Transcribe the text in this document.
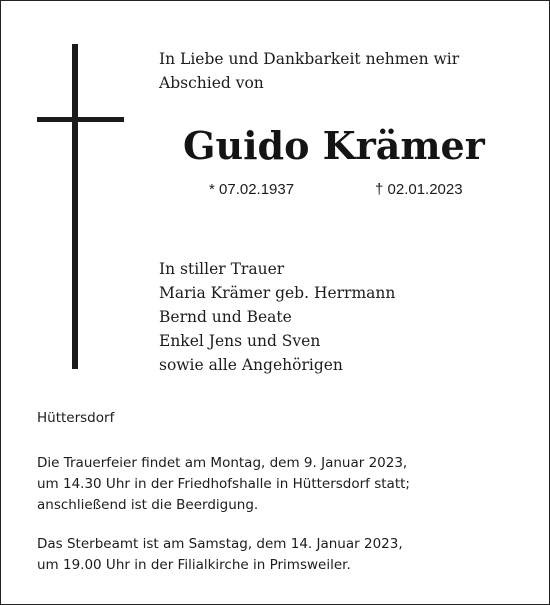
In Liebe und Dankbarkeit nehmen wir
Abschied von

Guido Krämer
* 07.02.1937	† 02.01.2023

In stiller Trauer
Maria Krämer geb. Herrmann
Bernd und Beate
Enkel Jens und Sven
sowie alle Angehörigen

Hüttersdorf

Die Trauerfeier findet am Montag, dem 9. Januar 2023,
um 14.30 Uhr in der Friedhofshalle in Hüttersdorf statt;
anschließend ist die Beerdigung.

Das Sterbeamt ist am Samstag, dem 14. Januar 2023,
um 19.00 Uhr in der Filialkirche in Primsweiler.
